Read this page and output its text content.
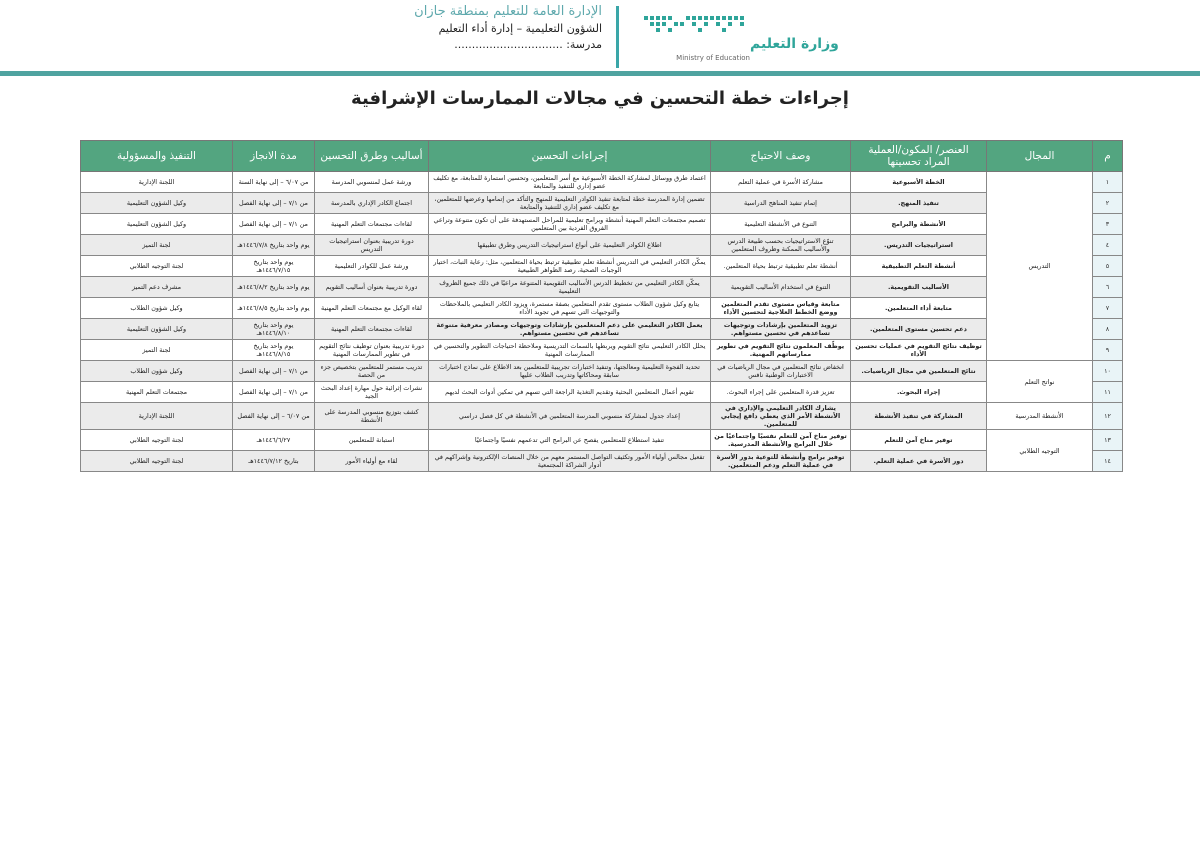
وزارة التعليم
Ministry of Education
الإدارة العامة للتعليم بمنطقة جازان
الشؤون التعليمية – إدارة أداء التعليم
مدرسة: ...............................
إجراءات خطة التحسين في مجالات الممارسات الإشرافية
م	المجال	العنصر/ المكون/العملية المراد تحسينها	وصف الاحتياج	إجراءات التحسين	أساليب وطرق التحسين	مدة الانجاز	التنفيذ والمسؤولية
١	التدريس	الخطة الأسبوعية	مشاركة الأسرة في عملية التعلم	اعتماد طرق ووسائل لمشاركة الخطة الأسبوعية مع أسر المتعلمين، وتحسين استمارة للمتابعة، مع تكليف عضو إداري للتنفيذ والمتابعة	ورشة عمل لمنسوبي المدرسة	من ٦/٠٧ – إلى نهاية السنة	اللجنة الإدارية
٢		تنفيذ المنهج.	إتمام تنفيذ المناهج الدراسية	تضمين إدارة المدرسة خطة لمتابعة تنفيذ الكوادر التعليمية للمنهج والتأكد من إتمامها وعرضها للمتعلمين، مع تكليف عضو إداري للتنفيذ والمتابعة	اجتماع الكادر الإداري بالمدرسة	من ٧/١ – إلى نهاية الفصل	وكيل الشؤون التعليمية
٣		الأنشطة والبرامج	التنوع في الأنشطة التعليمية	تصميم مجتمعات التعلم المهنية أنشطة وبرامج تعليمية للمراحل المستهدفة على أن تكون متنوعة وتراعي الفروق الفردية بين المتعلمين	لقاءات مجتمعات التعلم المهنية	من ٧/١ – إلى نهاية الفصل	وكيل الشؤون التعليمية
٤		استراتيجيات التدريس.	تنوّع الاستراتيجيات بحسب طبيعة الدرس والأساليب الممكنة وظروف المتعلمين	اطلاع الكوادر التعليمية على أنواع استراتيجيات التدريس وطرق تطبيقها	دورة تدريبية بعنوان استراتيجيات التدريس	يوم واحد بتاريخ ١٤٤٦/٧/٨هـ	لجنة التميز
٥		أنشطة التعلم التطبيقية	أنشطة تعلم تطبيقية ترتبط بحياة المتعلمين.	يمكّن الكادر التعليمي في التدريس أنشطة تعلم تطبيقية ترتبط بحياة المتعلمين، مثل: رعاية النبات، اختيار الوجبات الصحية، رصد الظواهر الطبيعية	ورشة عمل للكوادر التعليمية	يوم واحد بتاريخ ١٤٤٦/٧/١٥هـ	لجنة التوجيه الطلابي
٦		الأساليب التقويمية.	التنوع في استخدام الأساليب التقويمية	يمكّن الكادر التعليمي من تخطيط الدرس الأساليب التقويمية المتنوعة مراعيًا في ذلك جميع الظروف التعليمية	دورة تدريبية بعنوان أساليب التقويم	يوم واحد بتاريخ ١٤٤٦/٨/٢هـ	مشرف دعم التميز
٧		متابعة أداء المتعلمين.	متابعة وقياس مستوى تقدم المتعلمين ووضع الخطط العلاجية لتحسين الأداء	يتابع وكيل شؤون الطلاب مستوى تقدم المتعلمين بصفة مستمرة، ويزود الكادر التعليمي بالملاحظات والتوجيهات التي تسهم في تجويد الأداء	لقاء الوكيل مع مجتمعات التعلم المهنية	يوم واحد بتاريخ ١٤٤٦/٨/٥هـ	وكيل شؤون الطلاب
٨		دعم تحسين مستوى المتعلمين.	تزويد المتعلمين بإرشادات وتوجيهات تساعدهم في تحسين مستواهم.	يعمل الكادر التعليمي على دعم المتعلمين بإرشادات وتوجيهات ومصادر معرفية متنوعة تساعدهم في تحسين مستواهم.	لقاءات مجتمعات التعلم المهنية	يوم واحد بتاريخ ١٤٤٦/٨/١٠هـ	وكيل الشؤون التعليمية
٩		توظيف نتائج التقويم في عمليات تحسين الأداء	يوظّف المعلمون نتائج التقويم في تطوير ممارساتهم المهنية.	يحلل الكادر التعليمي نتائج التقويم ويربطها بالسمات التدريسية وملاحظة احتياجات التطوير والتحسين في الممارسات المهنية	دورة تدريبية بعنوان توظيف نتائج التقويم في تطوير الممارسات المهنية	يوم واحد بتاريخ ١٤٤٦/٨/١٥هـ	لجنة التميز
١٠	نواتج التعلم	نتائج المتعلمين في مجال الرياضيات.	انخفاض نتائج المتعلمين في مجال الرياضيات في الاختبارات الوطنية نافس	تحديد الفجوة التعليمية ومعالجتها، وتنفيذ اختبارات تجريبية للمتعلمين بعد الاطلاع على نماذج اختبارات سابقة ومحاكاتها وتدريب الطلاب عليها	تدريب مستمر للمتعلمين بتخصيص جزء من الحصة	من ٧/١ – إلى نهاية الفصل	وكيل شؤون الطلاب
١١		إجراء البحوث.	تعزيز قدرة المتعلمين على إجراء البحوث.	تقويم أعمال المتعلمين البحثية وتقديم التغذية الراجعة التي تسهم في تمكين أدوات البحث لديهم	نشرات إثرائية حول مهارة إعداد البحث الجيد	من ٧/١ – إلى نهاية الفصل	مجتمعات التعلم المهنية
١٢	الأنشطة المدرسية	المشاركة في تنفيذ الأنشطة	يشارك الكادر التعليمي والإداري في الأنشطة الأمر الذي يعطي دافع إيجابي للمتعلمين.	إعداد جدول لمشاركة منسوبي المدرسة المتعلمين في الأنشطة في كل فصل دراسي	كشف بتوزيع منسوبي المدرسة على الأنشطة	من ٦/٠٧ – إلى نهاية الفصل	اللجنة الإدارية
١٣	التوجيه الطلابي	توفير مناخ آمن للتعلم	توفير مناخ آمن للتعلم نفسيًا واجتماعيًا من خلال البرامج والأنشطة المدرسية.	تنفيذ استطلاع للمتعلمين يفصح عن البرامج التي تدعمهم نفسيًا واجتماعيًا	استبانة للمتعلمين	١٤٤٦/٦/٢٧هـ	لجنة التوجيه الطلابي
١٤		دور الأسرة في عملية التعلم.	توفير برامج وأنشطة للتوعية بدور الأسرة في عملية التعلم ودعم المتعلمين.	تفعيل مجالس أولياء الأمور وتكثيف التواصل المستمر معهم من خلال المنصات الإلكترونية وإشراكهم في أدوار الشراكة المجتمعية	لقاء مع أولياء الأمور	بتاريخ ١٤٤٦/٧/١٢هـ	لجنة التوجيه الطلابي
